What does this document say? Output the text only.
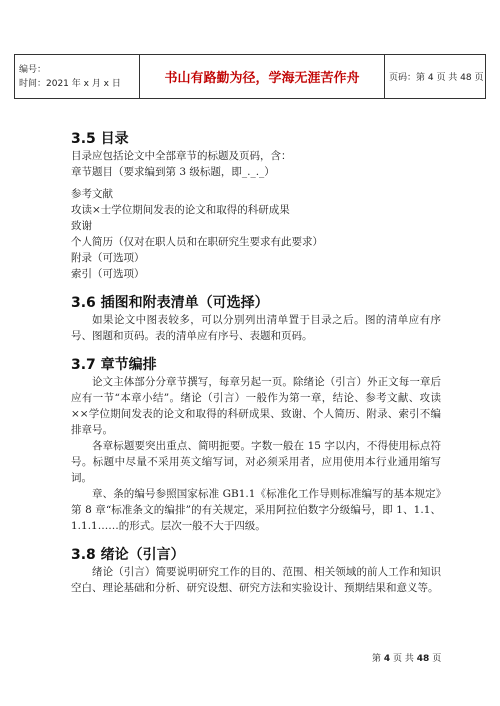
编号：
时间：2021 年 x 月 x 日	书山有路勤为径，学海无涯苦作舟	页码：第 4 页 共 48 页
3.5 目录

目录应包括论文中全部章节的标题及页码，含：

章节题目（要求编到第 3 级标题，即_._._）

参考文献

攻读×士学位期间发表的论文和取得的科研成果

致谢

个人简历（仅对在职人员和在职研究生要求有此要求）

附录（可选项）

索引（可选项）

3.6 插图和附表清单（可选择）

如果论文中图表较多，可以分别列出清单置于目录之后。图的清单应有序号、图题和页码。表的清单应有序号、表题和页码。

3.7 章节编排

论文主体部分分章节撰写，每章另起一页。除绪论（引言）外正文每一章后应有一节“本章小结”。绪论（引言）一般作为第一章，结论、参考文献、攻读××学位期间发表的论文和取得的科研成果、致谢、个人简历、附录、索引不编排章号。

各章标题要突出重点、简明扼要。字数一般在 15 字以内，不得使用标点符号。标题中尽量不采用英文缩写词，对必须采用者，应用使用本行业通用缩写词。

章、条的编号参照国家标准 GB1.1《标准化工作导则标准编写的基本规定》第 8 章“标准条文的编排”的有关规定，采用阿拉伯数字分级编号，即 1、1.1、1.1.1……的形式。层次一般不大于四级。

3.8 绪论（引言）

绪论（引言）简要说明研究工作的目的、范围、相关领域的前人工作和知识空白、理论基础和分析、研究设想、研究方法和实验设计、预期结果和意义等。

第 4 页 共 48 页
